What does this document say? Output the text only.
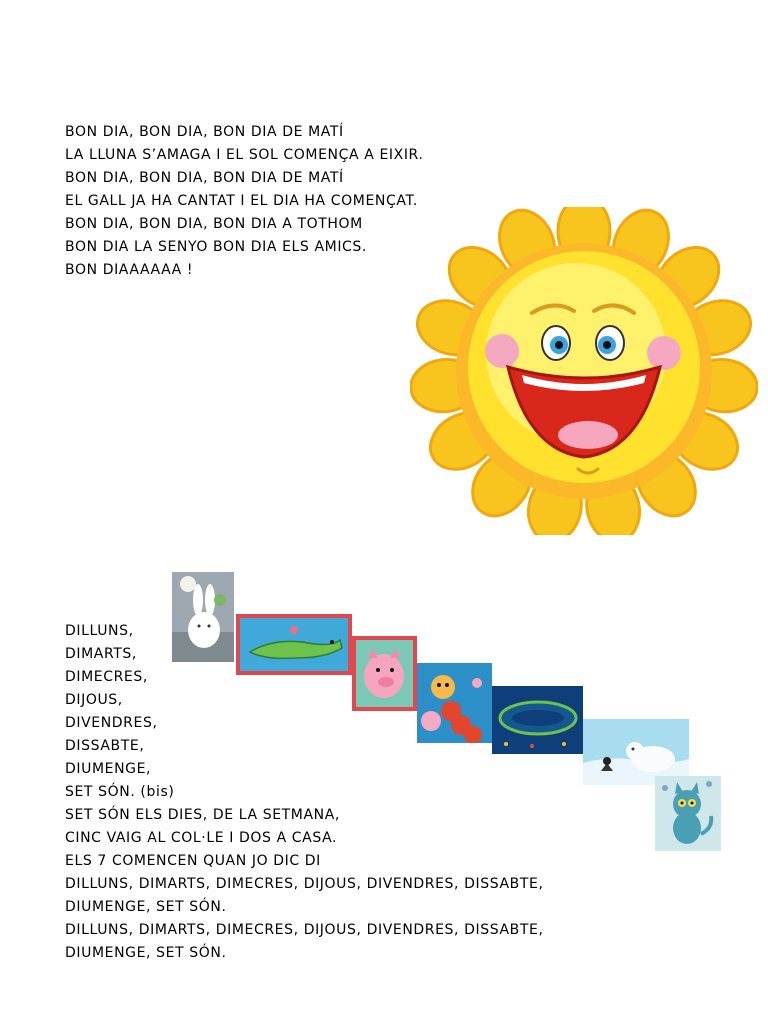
BON DIA, BON DIA, BON DIA DE MATÍ
LA LLUNA S’AMAGA I EL SOL COMENÇA A EIXIR.
BON DIA, BON DIA, BON DIA DE MATÍ
EL GALL JA HA CANTAT I EL DIA HA COMENÇAT.
BON DIA, BON DIA, BON DIA A TOTHOM
BON DIA LA SENYO BON DIA ELS AMICS.
BON DIAAAAAA !
DILLUNS,
DIMARTS,
DIMECRES,
DIJOUS,
DIVENDRES,
DISSABTE,
DIUMENGE,
SET SÓN. (bis)
SET SÓN ELS DIES, DE LA SETMANA,
CINC VAIG AL COL·LE I DOS A CASA.
ELS 7 COMENCEN QUAN JO DIC DI
DILLUNS, DIMARTS, DIMECRES, DIJOUS, DIVENDRES, DISSABTE,
DIUMENGE, SET SÓN.
DILLUNS, DIMARTS, DIMECRES, DIJOUS, DIVENDRES, DISSABTE,
DIUMENGE, SET SÓN.
